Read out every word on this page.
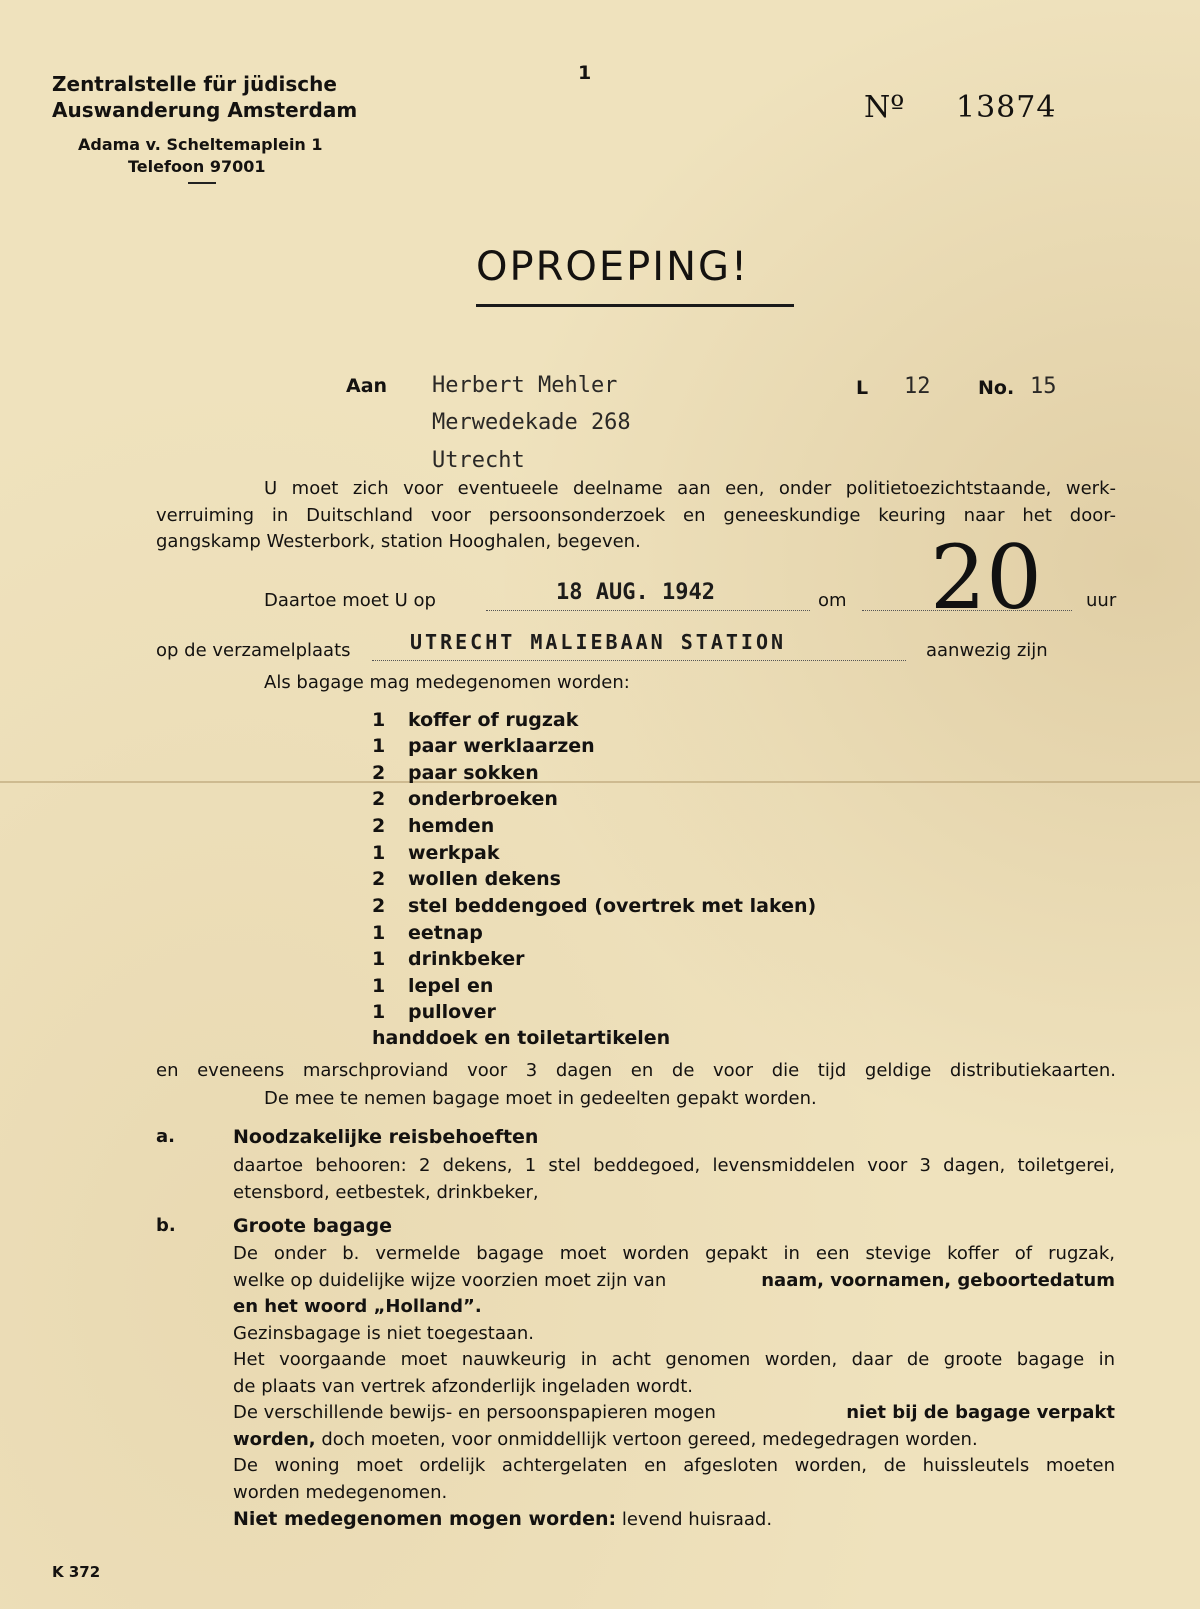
Zentralstelle für jüdische
Auswanderung Amsterdam
Adama v. Scheltemaplein 1
Telefoon 97001
1
Nº 13874
OPROEPING!
Aan Herbert Mehler
Merwedekade 268
Utrecht
L 12	No. 15
U moet zich voor eventueele deelname aan een, onder politietoezichtstaande, werk-
verruiming in Duitschland voor persoonsonderzoek en geneeskundige keuring naar het door-
gangskamp Westerbork, station Hooghalen, begeven.
Daartoe moet U op	18 AUG. 1942	om 20 uur
op de verzamelplaats	UTRECHT MALIEBAAN STATION	aanwezig zijn
Als bagage mag medegenomen worden:
1	koffer of rugzak
1	paar werklaarzen
2	paar sokken
2	onderbroeken
2	hemden
1	werkpak
2	wollen dekens
2	stel beddengoed (overtrek met laken)
1	eetnap
1	drinkbeker
1	lepel en
1	pullover
handdoek en toiletartikelen
en eveneens marschproviand voor 3 dagen en de voor die tijd geldige distributiekaarten.
De mee te nemen bagage moet in gedeelten gepakt worden.
a.	Noodzakelijke reisbehoeften
daartoe behooren: 2 dekens, 1 stel beddegoed, levensmiddelen voor 3 dagen, toiletgerei,
etensbord, eetbestek, drinkbeker,
b.	Groote bagage
De onder b. vermelde bagage moet worden gepakt in een stevige koffer of rugzak,
welke op duidelijke wijze voorzien moet zijn van	naam, voornamen, geboortedatum
en het woord „Holland”.
Gezinsbagage is niet toegestaan.
Het voorgaande moet nauwkeurig in acht genomen worden, daar de groote bagage in
de plaats van vertrek afzonderlijk ingeladen wordt.
De verschillende bewijs- en persoonspapieren mogen	niet bij de bagage verpakt
worden, doch moeten, voor onmiddellijk vertoon gereed, medegedragen worden.
De woning moet ordelijk achtergelaten en afgesloten worden, de huissleutels moeten
worden medegenomen.
Niet medegenomen mogen worden: levend huisraad.
K 372
